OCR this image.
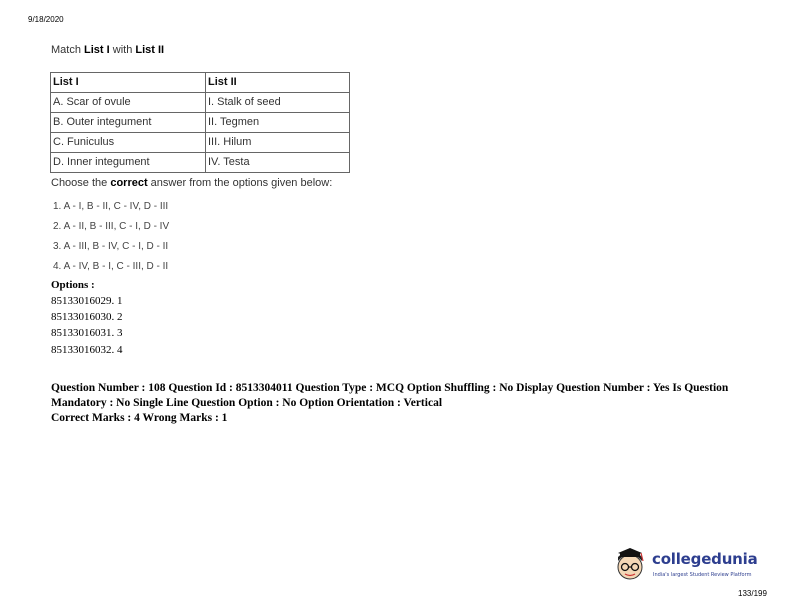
9/18/2020
Match List I with List II
List I	List II
A. Scar of ovule	I. Stalk of seed
B. Outer integument	II. Tegmen
C. Funiculus	III. Hilum
D. Inner integument	IV. Testa
Choose the correct answer from the options given below:
1. A - I, B - II, C - IV, D - III
2. A - II, B - III, C - I, D - IV
3. A - III, B - IV, C - I, D - II
4. A - IV, B - I, C - III, D - II
Options :
85133016029. 1
85133016030. 2
85133016031. 3
85133016032. 4
Question Number : 108 Question Id : 8513304011 Question Type : MCQ Option Shuffling : No Display Question Number : Yes Is Question Mandatory : No Single Line Question Option : No Option Orientation : Vertical
Correct Marks : 4 Wrong Marks : 1
collegedunia
India's largest Student Review Platform
133/199
